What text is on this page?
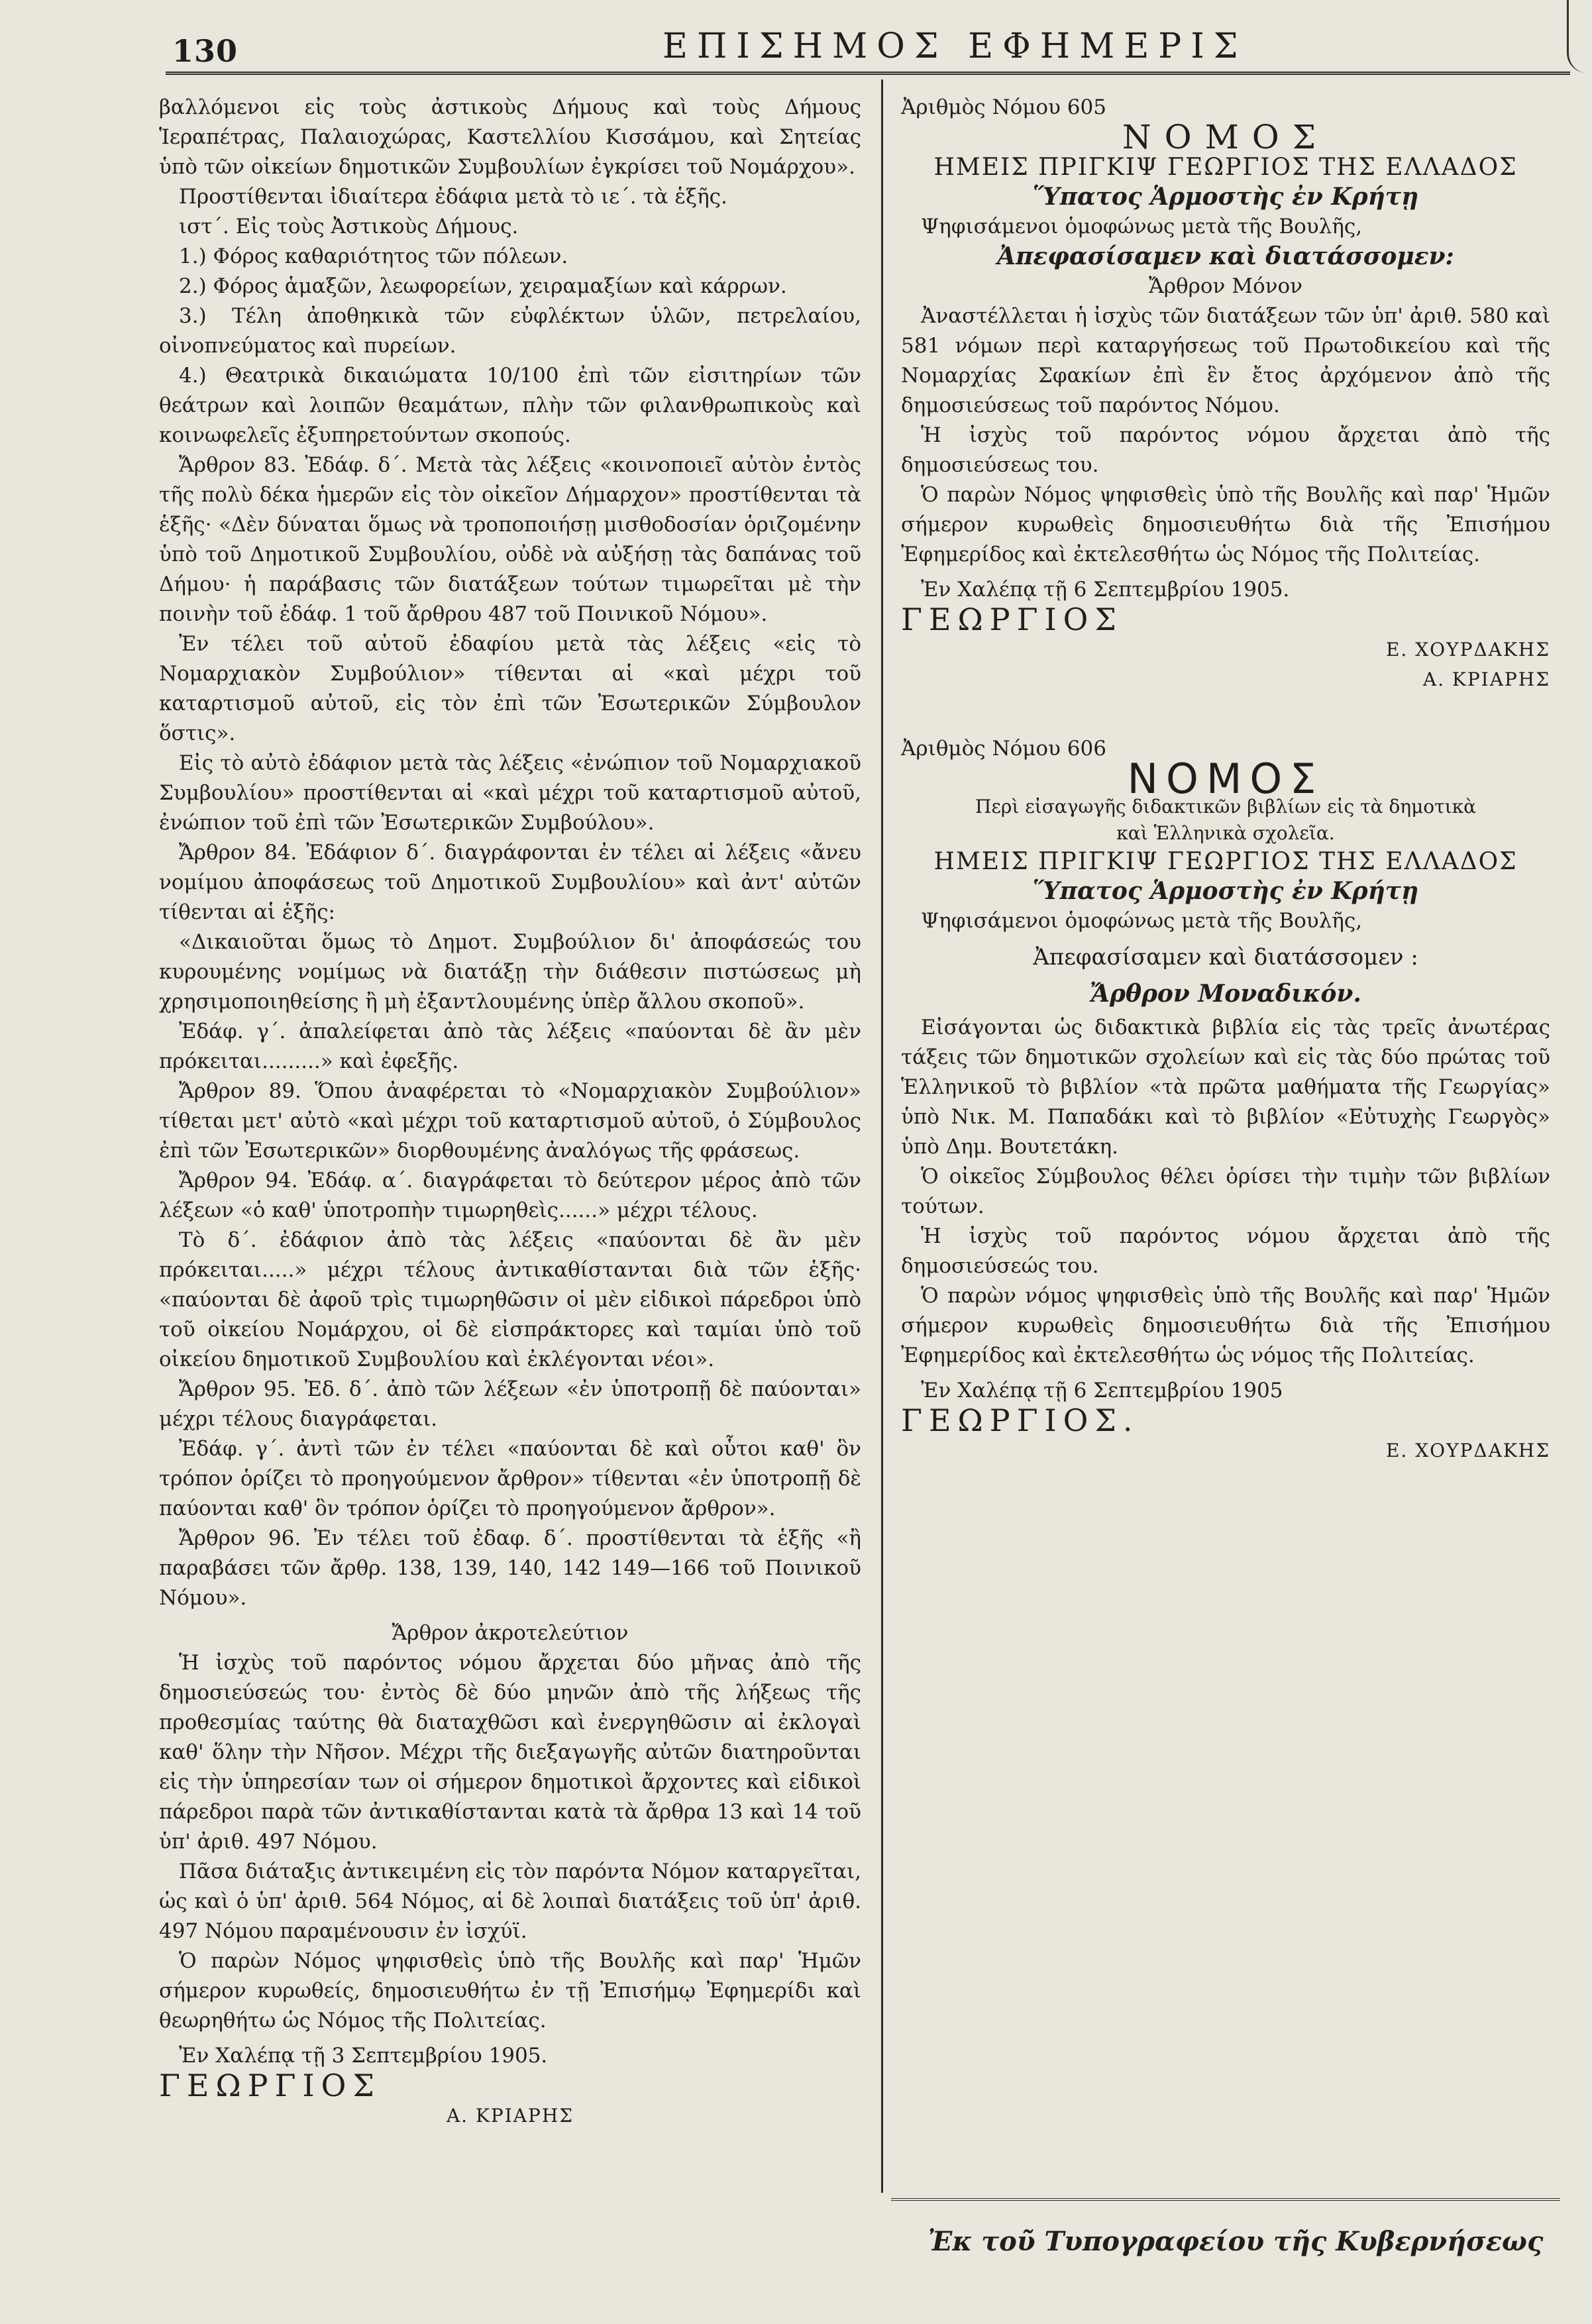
130	ΕΠΙΣΗΜΟΣ ΕΦΗΜΕΡΙΣ

βαλλόμενοι εἰς τοὺς ἀστικοὺς Δήμους καὶ τοὺς Δήμους Ἱεραπέτρας, Παλαιοχώρας, Καστελλίου Κισσάμου, καὶ Σητείας ὑπὸ τῶν οἰκείων δημοτικῶν Συμβουλίων ἐγκρίσει τοῦ Νομάρχου».

Προστίθενται ἰδιαίτερα ἐδάφια μετὰ τὸ ιε΄. τὰ ἑξῆς.

ιστ΄. Εἰς τοὺς Ἀστικοὺς Δήμους.

1.) Φόρος καθαριότητος τῶν πόλεων.

2.) Φόρος ἁμαξῶν, λεωφορείων, χειραμαξίων καὶ κάρρων.

3.) Τέλη ἀποθηκικὰ τῶν εὐφλέκτων ὑλῶν, πετρελαίου, οἰνοπνεύματος καὶ πυρείων.

4.) Θεατρικὰ δικαιώματα 10/100 ἐπὶ τῶν εἰσιτηρίων τῶν θεάτρων καὶ λοιπῶν θεαμάτων, πλὴν τῶν φιλανθρωπικοὺς καὶ κοινωφελεῖς ἐξυπηρετούντων σκοπούς.

Ἄρθρον 83. Ἐδάφ. δ΄. Μετὰ τὰς λέξεις «κοινοποιεῖ αὐτὸν ἐντὸς τῆς πολὺ δέκα ἡμερῶν εἰς τὸν οἰκεῖον Δήμαρχον» προστίθενται τὰ ἑξῆς· «Δὲν δύναται ὅμως νὰ τροποποιήσῃ μισθοδοσίαν ὁριζομένην ὑπὸ τοῦ Δημοτικοῦ Συμβουλίου, οὐδὲ νὰ αὐξήσῃ τὰς δαπάνας τοῦ Δήμου· ἡ παράβασις τῶν διατάξεων τούτων τιμωρεῖται μὲ τὴν ποινὴν τοῦ ἐδάφ. 1 τοῦ ἄρθρου 487 τοῦ Ποινικοῦ Νόμου».

Ἐν τέλει τοῦ αὐτοῦ ἐδαφίου μετὰ τὰς λέξεις «εἰς τὸ Νομαρχιακὸν Συμβούλιον» τίθενται αἱ «καὶ μέχρι τοῦ καταρτισμοῦ αὐτοῦ, εἰς τὸν ἐπὶ τῶν Ἐσωτερικῶν Σύμβουλον ὅστις».

Εἰς τὸ αὐτὸ ἐδάφιον μετὰ τὰς λέξεις «ἐνώπιον τοῦ Νομαρχιακοῦ Συμβουλίου» προστίθενται αἱ «καὶ μέχρι τοῦ καταρτισμοῦ αὐτοῦ, ἐνώπιον τοῦ ἐπὶ τῶν Ἐσωτερικῶν Συμβούλου».

Ἄρθρον 84. Ἐδάφιον δ΄. διαγράφονται ἐν τέλει αἱ λέξεις «ἄνευ νομίμου ἀποφάσεως τοῦ Δημοτικοῦ Συμβουλίου» καὶ ἀντ' αὐτῶν τίθενται αἱ ἑξῆς:

«Δικαιοῦται ὅμως τὸ Δημοτ. Συμβούλιον δι' ἀποφάσεώς του κυρουμένης νομίμως νὰ διατάξῃ τὴν διάθεσιν πιστώσεως μὴ χρησιμοποιηθείσης ἢ μὴ ἐξαντλουμένης ὑπὲρ ἄλλου σκοποῦ».

Ἐδάφ. γ΄. ἀπαλείφεται ἀπὸ τὰς λέξεις «παύονται δὲ ἂν μὲν πρόκειται.........» καὶ ἐφεξῆς.

Ἄρθρον 89. Ὅπου ἀναφέρεται τὸ «Νομαρχιακὸν Συμβούλιον» τίθεται μετ' αὐτὸ «καὶ μέχρι τοῦ καταρτισμοῦ αὐτοῦ, ὁ Σύμβουλος ἐπὶ τῶν Ἐσωτερικῶν» διορθουμένης ἀναλόγως τῆς φράσεως.

Ἄρθρον 94. Ἐδάφ. α΄. διαγράφεται τὸ δεύτερον μέρος ἀπὸ τῶν λέξεων «ὁ καθ' ὑποτροπὴν τιμωρηθεὶς......» μέχρι τέλους.

Τὸ δ΄. ἐδάφιον ἀπὸ τὰς λέξεις «παύονται δὲ ἂν μὲν πρόκειται.....» μέχρι τέλους ἀντικαθίστανται διὰ τῶν ἑξῆς· «παύονται δὲ ἀφοῦ τρὶς τιμωρηθῶσιν οἱ μὲν εἰδικοὶ πάρεδροι ὑπὸ τοῦ οἰκείου Νομάρχου, οἱ δὲ εἰσπράκτορες καὶ ταμίαι ὑπὸ τοῦ οἰκείου δημοτικοῦ Συμβουλίου καὶ ἐκλέγονται νέοι».

Ἄρθρον 95. Ἐδ. δ΄. ἀπὸ τῶν λέξεων «ἐν ὑποτροπῇ δὲ παύονται» μέχρι τέλους διαγράφεται.

Ἐδάφ. γ΄. ἀντὶ τῶν ἐν τέλει «παύονται δὲ καὶ οὗτοι καθ' ὃν τρόπον ὁρίζει τὸ προηγούμενον ἄρθρον» τίθενται «ἐν ὑποτροπῇ δὲ παύονται καθ' ὃν τρόπον ὁρίζει τὸ προηγούμενον ἄρθρον».

Ἄρθρον 96. Ἐν τέλει τοῦ ἐδαφ. δ΄. προστίθενται τὰ ἑξῆς «ἢ παραβάσει τῶν ἄρθρ. 138, 139, 140, 142 149—166 τοῦ Ποινικοῦ Νόμου».

Ἄρθρον ἀκροτελεύτιον

Ἡ ἰσχὺς τοῦ παρόντος νόμου ἄρχεται δύο μῆνας ἀπὸ τῆς δημοσιεύσεώς του· ἐντὸς δὲ δύο μηνῶν ἀπὸ τῆς λήξεως τῆς προθεσμίας ταύτης θὰ διαταχθῶσι καὶ ἐνεργηθῶσιν αἱ ἐκλογαὶ καθ' ὅλην τὴν Νῆσον. Μέχρι τῆς διεξαγωγῆς αὐτῶν διατηροῦνται εἰς τὴν ὑπηρεσίαν των οἱ σήμερον δημοτικοὶ ἄρχοντες καὶ εἰδικοὶ πάρεδροι παρὰ τῶν ἀντικαθίστανται κατὰ τὰ ἄρθρα 13 καὶ 14 τοῦ ὑπ' ἀριθ. 497 Νόμου.

Πᾶσα διάταξις ἀντικειμένη εἰς τὸν παρόντα Νόμον καταργεῖται, ὡς καὶ ὁ ὑπ' ἀριθ. 564 Νόμος, αἱ δὲ λοιπαὶ διατάξεις τοῦ ὑπ' ἀριθ. 497 Νόμου παραμένουσιν ἐν ἰσχύϊ.

Ὁ παρὼν Νόμος ψηφισθεὶς ὑπὸ τῆς Βουλῆς καὶ παρ' Ἡμῶν σήμερον κυρωθείς, δημοσιευθήτω ἐν τῇ Ἐπισήμῳ Ἐφημερίδι καὶ θεωρηθήτω ὡς Νόμος τῆς Πολιτείας.

Ἐν Χαλέπᾳ τῇ 3 Σεπτεμβρίου 1905.

ΓΕΩΡΓΙΟΣ

Α. ΚΡΙΑΡΗΣ

Ἀριθμὸς Νόμου 605

ΝΟΜΟΣ

ΗΜΕΙΣ ΠΡΙΓΚΙΨ ΓΕΩΡΓΙΟΣ ΤΗΣ ΕΛΛΑΔΟΣ

Ὕπατος Ἁρμοστὴς ἐν Κρήτῃ

Ψηφισάμενοι ὁμοφώνως μετὰ τῆς Βουλῆς,

Ἀπεφασίσαμεν καὶ διατάσσομεν:

Ἄρθρον Μόνον

Ἀναστέλλεται ἡ ἰσχὺς τῶν διατάξεων τῶν ὑπ' ἀριθ. 580 καὶ 581 νόμων περὶ καταργήσεως τοῦ Πρωτοδικείου καὶ τῆς Νομαρχίας Σφακίων ἐπὶ ἓν ἔτος ἀρχόμενον ἀπὸ τῆς δημοσιεύσεως τοῦ παρόντος Νόμου.

Ἡ ἰσχὺς τοῦ παρόντος νόμου ἄρχεται ἀπὸ τῆς δημοσιεύσεως του.

Ὁ παρὼν Νόμος ψηφισθεὶς ὑπὸ τῆς Βουλῆς καὶ παρ' Ἡμῶν σήμερον κυρωθεὶς δημοσιευθήτω διὰ τῆς Ἐπισήμου Ἐφημερίδος καὶ ἐκτελεσθήτω ὡς Νόμος τῆς Πολιτείας.

Ἐν Χαλέπᾳ τῇ 6 Σεπτεμβρίου 1905.

ΓΕΩΡΓΙΟΣ

Ε. ΧΟΥΡΔΑΚΗΣ

Α. ΚΡΙΑΡΗΣ

Ἀριθμὸς Νόμου 606

ΝΟΜΟΣ

Περὶ εἰσαγωγῆς διδακτικῶν βιβλίων εἰς τὰ δημοτικὰ

καὶ Ἑλληνικὰ σχολεῖα.

ΗΜΕΙΣ ΠΡΙΓΚΙΨ ΓΕΩΡΓΙΟΣ ΤΗΣ ΕΛΛΑΔΟΣ

Ὕπατος Ἁρμοστὴς ἐν Κρήτῃ

Ψηφισάμενοι ὁμοφώνως μετὰ τῆς Βουλῆς,

Ἀπεφασίσαμεν καὶ διατάσσομεν :

Ἄρθρον Μοναδικόν.

Εἰσάγονται ὡς διδακτικὰ βιβλία εἰς τὰς τρεῖς ἀνωτέρας τάξεις τῶν δημοτικῶν σχολείων καὶ εἰς τὰς δύο πρώτας τοῦ Ἑλληνικοῦ τὸ βιβλίον «τὰ πρῶτα μαθήματα τῆς Γεωργίας» ὑπὸ Νικ. Μ. Παπαδάκι καὶ τὸ βιβλίον «Εὐτυχὴς Γεωργὸς» ὑπὸ Δημ. Βουτετάκη.

Ὁ οἰκεῖος Σύμβουλος θέλει ὁρίσει τὴν τιμὴν τῶν βιβλίων τούτων.

Ἡ ἰσχὺς τοῦ παρόντος νόμου ἄρχεται ἀπὸ τῆς δημοσιεύσεώς του.

Ὁ παρὼν νόμος ψηφισθεὶς ὑπὸ τῆς Βουλῆς καὶ παρ' Ἡμῶν σήμερον κυρωθεὶς δημοσιευθήτω διὰ τῆς Ἐπισήμου Ἐφημερίδος καὶ ἐκτελεσθήτω ὡς νόμος τῆς Πολιτείας.

Ἐν Χαλέπᾳ τῇ 6 Σεπτεμβρίου 1905

ΓΕΩΡΓΙΟΣ.

Ε. ΧΟΥΡΔΑΚΗΣ

Ἐκ τοῦ Τυπογραφείου τῆς Κυβερνήσεως
